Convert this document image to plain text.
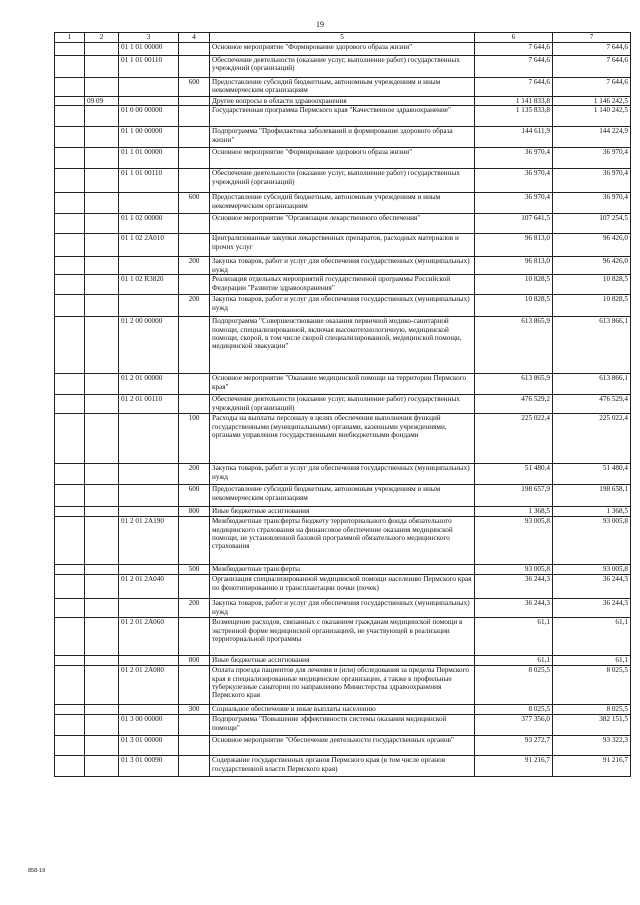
19
1	2	3	4	5	6	7
		01 1 01 00000		Основное мероприятие "Формирование здорового образа жизни"	7 644,6	7 644,6
		01 1 01 00110		Обеспечение деятельности (оказание услуг, выполнение работ) государственных учреждений (организаций)	7 644,6	7 644,6
			600	Предоставление субсидий бюджетным, автономным учреждениям и иным некоммерческим организациям	7 644,6	7 644,6
	09 09			Другие вопросы в области здравоохранения	1 141 833,8	1 146 242,5
		01 0 00 00000		Государственная программа Пермского края "Качественное здравоохранение"	1 135 833,8	1 140 242,5
		01 1 00 00000		Подпрограмма "Профилактика заболеваний и формирование здорового образа жизни"	144 611,9	144 224,9
		01 1 01 00000		Основное мероприятие "Формирование здорового образа жизни"	36 970,4	36 970,4
		01 1 01 00110		Обеспечение деятельности (оказание услуг, выполнение работ) государственных учреждений (организаций)	36 970,4	36 970,4
			600	Предоставление субсидий бюджетным, автономным учреждениям и иным некоммерческим организациям	36 970,4	36 970,4
		01 1 02 00000		Основное мероприятие "Организация лекарственного обеспечения"	107 641,5	107 254,5
		01 1 02 2А010		Централизованные закупки лекарственных препаратов, расходных материалов и прочих услуг	96 813,0	96 426,0
			200	Закупка товаров, работ и услуг для обеспечения государственных (муниципальных) нужд	96 813,0	96 426,0
		01 1 02 R3820		Реализация отдельных мероприятий государственной программы Российской Федерации "Развитие здравоохранения"	10 828,5	10 828,5
			200	Закупка товаров, работ и услуг для обеспечения государственных (муниципальных) нужд	10 828,5	10 828,5
		01 2 00 00000		Подпрограмма "Совершенствование оказания первичной медико-санитарной помощи, специализированной, включая высокотехнологичную, медицинской помощи, скорой, в том числе скорой специализированной, медицинской помощи, медицинской эвакуации"	613 865,9	613 866,1
		01 2 01 00000		Основное мероприятие "Оказание медицинской помощи на территории Пермского края"	613 865,9	613 866,1
		01 2 01 00110		Обеспечение деятельности (оказание услуг, выполнение работ) государственных учреждений (организаций)	476 529,2	476 529,4
			100	Расходы на выплаты персоналу в целях обеспечения выполнения функций государственными (муниципальными) органами, казенными учреждениями, органами управления государственными внебюджетными фондами	225 022,4	225 022,4
			200	Закупка товаров, работ и услуг для обеспечения государственных (муниципальных) нужд	51 480,4	51 480,4
			600	Предоставление субсидий бюджетным, автономным учреждениям и иным некоммерческим организациям	198 657,9	198 658,1
			800	Иные бюджетные ассигнования	1 368,5	1 368,5
		01 2 01 2А190		Межбюджетные трансферты бюджету территориального фонда обязательного медицинского страхования на финансовое обеспечение оказания медицинской помощи, не установленной базовой программой обязательного медицинского страхования	93 005,8	93 005,8
			500	Межбюджетные трансферты	93 005,8	93 005,8
		01 2 01 2А040		Организация специализированной медицинской помощи населению Пермского края по фенотипированию и трансплантации почки (почек)	36 244,3	36 244,3
			200	Закупка товаров, работ и услуг для обеспечения государственных (муниципальных) нужд	36 244,3	36 244,3
		01 2 01 2А060		Возмещение расходов, связанных с оказанием гражданам медицинской помощи в экстренной форме медицинской организацией, не участвующей в реализации территориальной программы	61,1	61,1
			800	Иные бюджетные ассигнования	61,1	61,1
		01 2 01 2А080		Оплата проезда пациентов для лечения и (или) обследования за пределы Пермского края в специализированные медицинские организации, а также в профильные туберкулезные санатории по направлению Министерства здравоохранения Пермского края	8 025,5	8 025,5
			300	Социальное обеспечение и иные выплаты населению	8 025,5	8 025,5
		01 3 00 00000		Подпрограмма "Повышение эффективности системы оказания медицинской помощи"	377 356,0	382 151,5
		01 3 01 00000		Основное мероприятие "Обеспечение деятельности государственных органов"	93 272,7	93 322,3
		01 3 01 00090		Содержание государственных органов Пермского края (в том числе органов государственной власти Пермского края)	91 216,7	91 216,7
858-19
